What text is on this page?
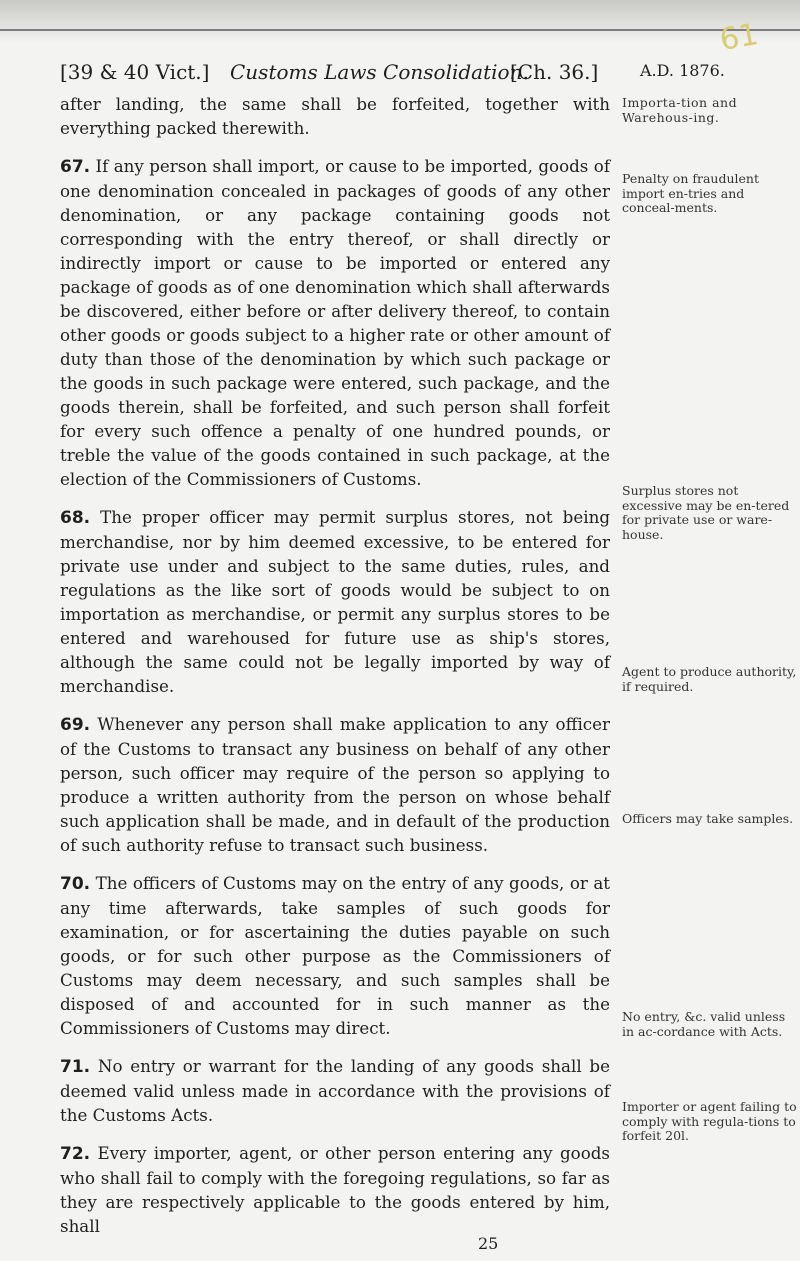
61
[39 & 40 Vict.] Customs Laws Consolidation.
[Ch. 36.]	A.D. 1876.

after landing, the same shall be forfeited, together with everything packed therewith.

67. If any person shall import, or cause to be imported, goods of one denomination concealed in packages of goods of any other denomination, or any package containing goods not corresponding with the entry thereof, or shall directly or indirectly import or cause to be imported or entered any package of goods as of one denomination which shall afterwards be discovered, either before or after delivery thereof, to contain other goods or goods subject to a higher rate or other amount of duty than those of the denomination by which such package or the goods in such package were entered, such package, and the goods therein, shall be forfeited, and such person shall forfeit for every such offence a penalty of one hundred pounds, or treble the value of the goods contained in such package, at the election of the Commissioners of Customs.

68. The proper officer may permit surplus stores, not being merchandise, nor by him deemed excessive, to be entered for private use under and subject to the same duties, rules, and regulations as the like sort of goods would be subject to on importation as merchandise, or permit any surplus stores to be entered and warehoused for future use as ship's stores, although the same could not be legally imported by way of merchandise.

69. Whenever any person shall make application to any officer of the Customs to transact any business on behalf of any other person, such officer may require of the person so applying to produce a written authority from the person on whose behalf such application shall be made, and in default of the production of such authority refuse to transact such business.

70. The officers of Customs may on the entry of any goods, or at any time afterwards, take samples of such goods for examination, or for ascertaining the duties payable on such goods, or for such other purpose as the Commissioners of Customs may deem necessary, and such samples shall be disposed of and accounted for in such manner as the Commissioners of Customs may direct.

71. No entry or warrant for the landing of any goods shall be deemed valid unless made in accordance with the provisions of the Customs Acts.

72. Every importer, agent, or other person entering any goods who shall fail to comply with the foregoing regulations, so far as they are respectively applicable to the goods entered by him, shall

Importa-tion and Warehous-ing.
Penalty on fraudulent import en-tries and conceal-ments.
Surplus stores not excessive may be en-tered for private use or ware-house.
Agent to produce authority, if required.
Officers may take samples.
No entry, &c. valid unless in ac-cordance with Acts.
Importer or agent failing to comply with regula-tions to forfeit 20l.
25
